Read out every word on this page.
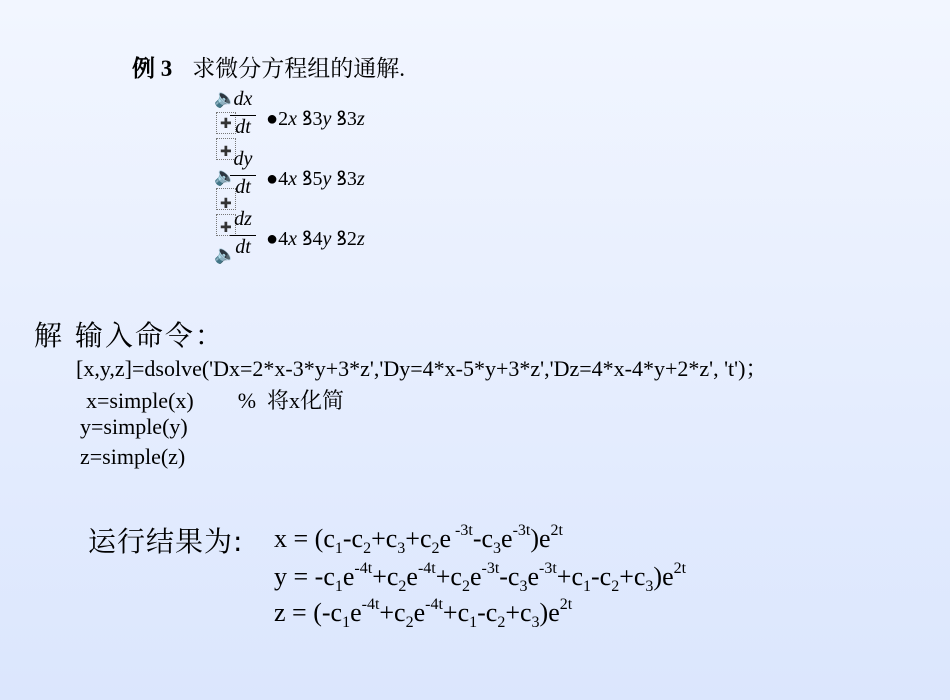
例 3 求微分方程组的通解.
🔈
✚
✚
🔈
✚
✚
🔈
dx
dt ●2x ꝸ3y ꝸ3z
dy
dt ●4x ꝸ5y ꝸ3z
dz
dt ●4x ꝸ4y ꝸ2z
解 输入命令：
[x,y,z]=dsolve('Dx=2*x-3*y+3*z','Dy=4*x-5*y+3*z','Dz=4*x-4*y+2*z', 't')；
x=simple(x)        %  将x化简
y=simple(y)
z=simple(z)
运行结果为: $x = (c_1-c_2+c_3+c_2e$ $^{-3t}-c_3e^{-3t})e^{2t}$
$y = -c_1e^{-4t}+c_2e^{-4t}+c_2e^{-3t}-c_3e^{-3t}+c_1-c_2+c_3)e^{2t}$
$z = (-c_1e^{-4t}+c_2e^{-4t}+c_1-c_2+c_3)e^{2t}$
